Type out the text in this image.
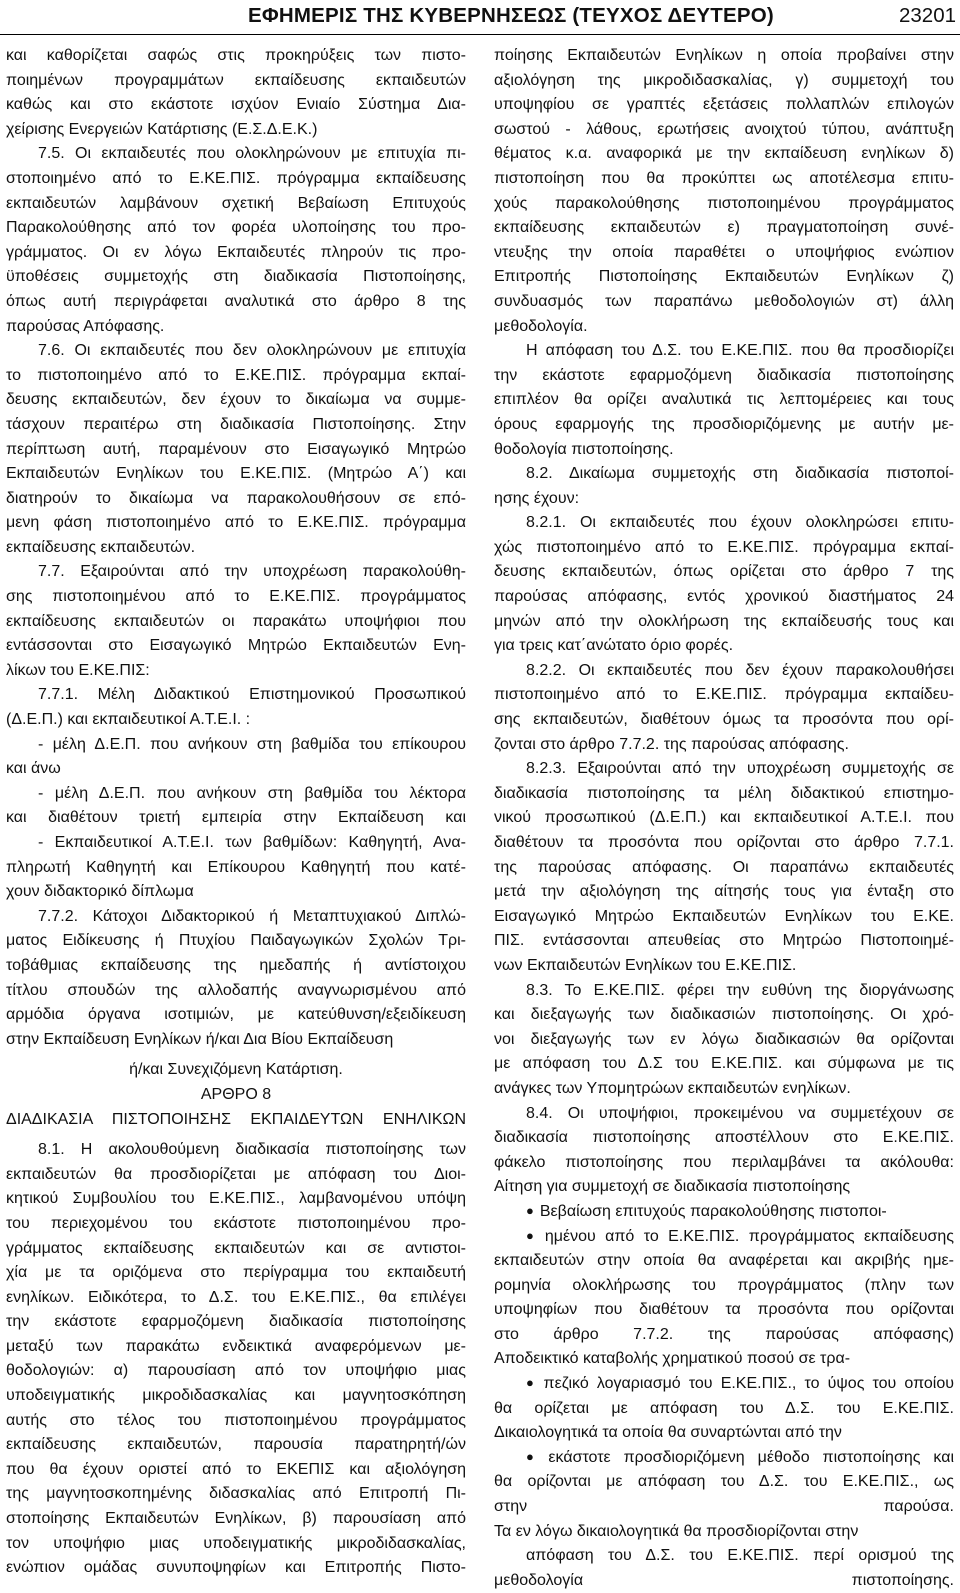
ΕΦΗΜΕΡΙΣ ΤΗΣ ΚΥΒΕΡΝΗΣΕΩΣ (ΤΕΥΧΟΣ ΔΕΥΤΕΡΟ)	23201
και καθορίζεται σαφώς στις προκηρύξεις των πιστο-
ποιημένων προγραμμάτων εκπαίδευσης εκπαιδευτών
καθώς και στο εκάστοτε ισχύον Ενιαίο Σύστημα Δια-
χείρισης Ενεργειών Κατάρτισης (Ε.Σ.Δ.Ε.Κ.)
7.5. Οι εκπαιδευτές που ολοκληρώνουν με επιτυχία πι-
στοποιημένο από το Ε.ΚΕ.ΠΙΣ. πρόγραμμα εκπαίδευσης
εκπαιδευτών λαμβάνουν σχετική Βεβαίωση Επιτυχούς
Παρακολούθησης από τον φορέα υλοποίησης του προ-
γράμματος. Οι εν λόγω Εκπαιδευτές πληρούν τις προ-
ϋποθέσεις συμμετοχής στη διαδικασία Πιστοποίησης,
όπως αυτή περιγράφεται αναλυτικά στο άρθρο 8 της
παρούσας Απόφασης.
7.6. Οι εκπαιδευτές που δεν ολοκληρώνουν με επιτυχία
το πιστοποιημένο από το Ε.ΚΕ.ΠΙΣ. πρόγραμμα εκπαί-
δευσης εκπαιδευτών, δεν έχουν το δικαίωμα να συμμε-
τάσχουν περαιτέρω στη διαδικασία Πιστοποίησης. Στην
περίπτωση αυτή, παραμένουν στο Εισαγωγικό Μητρώο
Εκπαιδευτών Ενηλίκων του Ε.ΚΕ.ΠΙΣ. (Μητρώο Α΄) και
διατηρούν το δικαίωμα να παρακολουθήσουν σε επό-
μενη φάση πιστοποιημένο από το Ε.ΚΕ.ΠΙΣ. πρόγραμμα
εκπαίδευσης εκπαιδευτών.
7.7. Εξαιρούνται από την υποχρέωση παρακολούθη-
σης πιστοποιημένου από το Ε.ΚΕ.ΠΙΣ. προγράμματος
εκπαίδευσης εκπαιδευτών οι παρακάτω υποψήφιοι που
εντάσσονται στο Εισαγωγικό Μητρώο Εκπαιδευτών Ενη-
λίκων του Ε.ΚΕ.ΠΙΣ:
7.7.1. Μέλη Διδακτικού Επιστημονικού Προσωπικού
(Δ.Ε.Π.) και εκπαιδευτικοί Α.Τ.Ε.Ι. :
- μέλη Δ.Ε.Π. που ανήκουν στη βαθμίδα του επίκουρου
και άνω
- μέλη Δ.Ε.Π. που ανήκουν στη βαθμίδα του λέκτορα
και διαθέτουν τριετή εμπειρία στην Εκπαίδευση και
- Εκπαιδευτικοί Α.Τ.Ε.Ι. των βαθμίδων: Καθηγητή, Ανα-
πληρωτή Καθηγητή και Επίκουρου Καθηγητή που κατέ-
χουν διδακτορικό δίπλωμα
7.7.2. Κάτοχοι Διδακτορικού ή Μεταπτυχιακού Διπλώ-
ματος Ειδίκευσης ή Πτυχίου Παιδαγωγικών Σχολών Τρι-
τοβάθμιας εκπαίδευσης της ημεδαπής ή αντίστοιχου
τίτλου σπουδών της αλλοδαπής αναγνωρισμένου από
αρμόδια όργανα ισοτιμιών, με κατεύθυνση/εξειδίκευση
στην Εκπαίδευση Ενηλίκων ή/και Δια Βίου Εκπαίδευση
ή/και Συνεχιζόμενη Κατάρτιση.
ΑΡΘΡΟ 8
ΔΙΑΔΙΚΑΣΙΑ ΠΙΣΤΟΠΟΙΗΣΗΣ ΕΚΠΑΙΔΕΥΤΩΝ ΕΝΗΛΙΚΩΝ
8.1. Η ακολουθούμενη διαδικασία πιστοποίησης των
εκπαιδευτών θα προσδιορίζεται με απόφαση του Διοι-
κητικού Συμβουλίου του Ε.ΚΕ.ΠΙΣ., λαμβανομένου υπόψη
του περιεχομένου του εκάστοτε πιστοποιημένου προ-
γράμματος εκπαίδευσης εκπαιδευτών και σε αντιστοι-
χία με τα οριζόμενα στο περίγραμμα του εκπαιδευτή
ενηλίκων. Ειδικότερα, το Δ.Σ. του Ε.ΚΕ.ΠΙΣ., θα επιλέγει
την εκάστοτε εφαρμοζόμενη διαδικασία πιστοποίησης
μεταξύ των παρακάτω ενδεικτικά αναφερόμενων με-
θοδολογιών: α) παρουσίαση από τον υποψήφιο μιας
υποδειγματικής μικροδιδασκαλίας και μαγνητοσκόπηση
αυτής στο τέλος του πιστοποιημένου προγράμματος
εκπαίδευσης εκπαιδευτών, παρουσία παρατηρητή/ών
που θα έχουν οριστεί από το ΕΚΕΠΙΣ και αξιολόγηση
της μαγνητοσκοπημένης διδασκαλίας από Επιτροπή Πι-
στοποίησης Εκπαιδευτών Ενηλίκων, β) παρουσίαση από
τον υποψήφιο μιας υποδειγματικής μικροδιδασκαλίας,
ενώπιον ομάδας συνυποψηφίων και Επιτροπής Πιστο-
ποίησης Εκπαιδευτών Ενηλίκων η οποία προβαίνει στην
αξιολόγηση της μικροδιδασκαλίας, γ) συμμετοχή του
υποψηφίου σε γραπτές εξετάσεις πολλαπλών επιλογών
σωστού - λάθους, ερωτήσεις ανοιχτού τύπου, ανάπτυξη
θέματος κ.α. αναφορικά με την εκπαίδευση ενηλίκων δ)
πιστοποίηση που θα προκύπτει ως αποτέλεσμα επιτυ-
χούς παρακολούθησης πιστοποιημένου προγράμματος
εκπαίδευσης εκπαιδευτών ε) πραγματοποίηση συνέ-
ντευξης την οποία παραθέτει ο υποψήφιος ενώπιον
Επιτροπής Πιστοποίησης Εκπαιδευτών Ενηλίκων ζ)
συνδυασμός των παραπάνω μεθοδολογιών στ) άλλη
μεθοδολογία.
Η απόφαση του Δ.Σ. του Ε.ΚΕ.ΠΙΣ. που θα προσδιορίζει
την εκάστοτε εφαρμοζόμενη διαδικασία πιστοποίησης
επιπλέον θα ορίζει αναλυτικά τις λεπτομέρειες και τους
όρους εφαρμογής της προσδιοριζόμενης με αυτήν με-
θοδολογία πιστοποίησης.
8.2. Δικαίωμα συμμετοχής στη διαδικασία πιστοποί-
ησης έχουν:
8.2.1. Οι εκπαιδευτές που έχουν ολοκληρώσει επιτυ-
χώς πιστοποιημένο από το Ε.ΚΕ.ΠΙΣ. πρόγραμμα εκπαί-
δευσης εκπαιδευτών, όπως ορίζεται στο άρθρο 7 της
παρούσας απόφασης, εντός χρονικού διαστήματος 24
μηνών από την ολοκλήρωση της εκπαίδευσής τους και
για τρεις κατ΄ανώτατο όριο φορές.
8.2.2. Οι εκπαιδευτές που δεν έχουν παρακολουθήσει
πιστοποιημένο από το Ε.ΚΕ.ΠΙΣ. πρόγραμμα εκπαίδευ-
σης εκπαιδευτών, διαθέτουν όμως τα προσόντα που ορί-
ζονται στο άρθρο 7.7.2. της παρούσας απόφασης.
8.2.3. Εξαιρούνται από την υποχρέωση συμμετοχής σε
διαδικασία πιστοποίησης τα μέλη διδακτικού επιστημο-
νικού προσωπικού (Δ.Ε.Π.) και εκπαιδευτικοί Α.Τ.Ε.Ι. που
διαθέτουν τα προσόντα που ορίζονται στο άρθρο 7.7.1.
της παρούσας απόφασης. Οι παραπάνω εκπαιδευτές
μετά την αξιολόγηση της αίτησής τους για ένταξη στο
Εισαγωγικό Μητρώο Εκπαιδευτών Ενηλίκων του Ε.ΚΕ.
ΠΙΣ. εντάσσονται απευθείας στο Μητρώο Πιστοποιημέ-
νων Εκπαιδευτών Ενηλίκων του Ε.ΚΕ.ΠΙΣ.
8.3. Το Ε.ΚΕ.ΠΙΣ. φέρει την ευθύνη της διοργάνωσης
και διεξαγωγής των διαδικασιών πιστοποίησης. Οι χρό-
νοι διεξαγωγής των εν λόγω διαδικασιών θα ορίζονται
με απόφαση του Δ.Σ του Ε.ΚΕ.ΠΙΣ. και σύμφωνα με τις
ανάγκες των Υπομητρώων εκπαιδευτών ενηλίκων.
8.4. Οι υποψήφιοι, προκειμένου να συμμετέχουν σε
διαδικασία πιστοποίησης αποστέλλουν στο Ε.ΚΕ.ΠΙΣ.
φάκελο πιστοποίησης που περιλαμβάνει τα ακόλουθα:
Αίτηση για συμμετοχή σε διαδικασία πιστοποίησης
● Βεβαίωση επιτυχούς παρακολούθησης πιστοποι-
● ημένου από το Ε.ΚΕ.ΠΙΣ. προγράμματος εκπαίδευσης
εκπαιδευτών στην οποία θα αναφέρεται και ακριβής ημε-
ρομηνία ολοκλήρωσης του προγράμματος (πλην των
υποψηφίων που διαθέτουν τα προσόντα που ορίζονται
στο άρθρο 7.7.2. της παρούσας απόφασης)
Αποδεικτικό καταβολής χρηματικού ποσού σε τρα-
● πεζικό λογαριασμό του Ε.ΚΕ.ΠΙΣ., το ύψος του οποίου
θα ορίζεται με απόφαση του Δ.Σ. του Ε.ΚΕ.ΠΙΣ.
Δικαιολογητικά τα οποία θα συναρτώνται από την
● εκάστοτε προσδιοριζόμενη μέθοδο πιστοποίησης και
θα ορίζονται με απόφαση του Δ.Σ. του Ε.ΚΕ.ΠΙΣ., ως
στην παρούσα.
Τα εν λόγω δικαιολογητικά θα προσδιορίζονται στην
απόφαση του Δ.Σ. του Ε.ΚΕ.ΠΙΣ. περί ορισμού της
μεθοδολογία πιστοποίησης.
